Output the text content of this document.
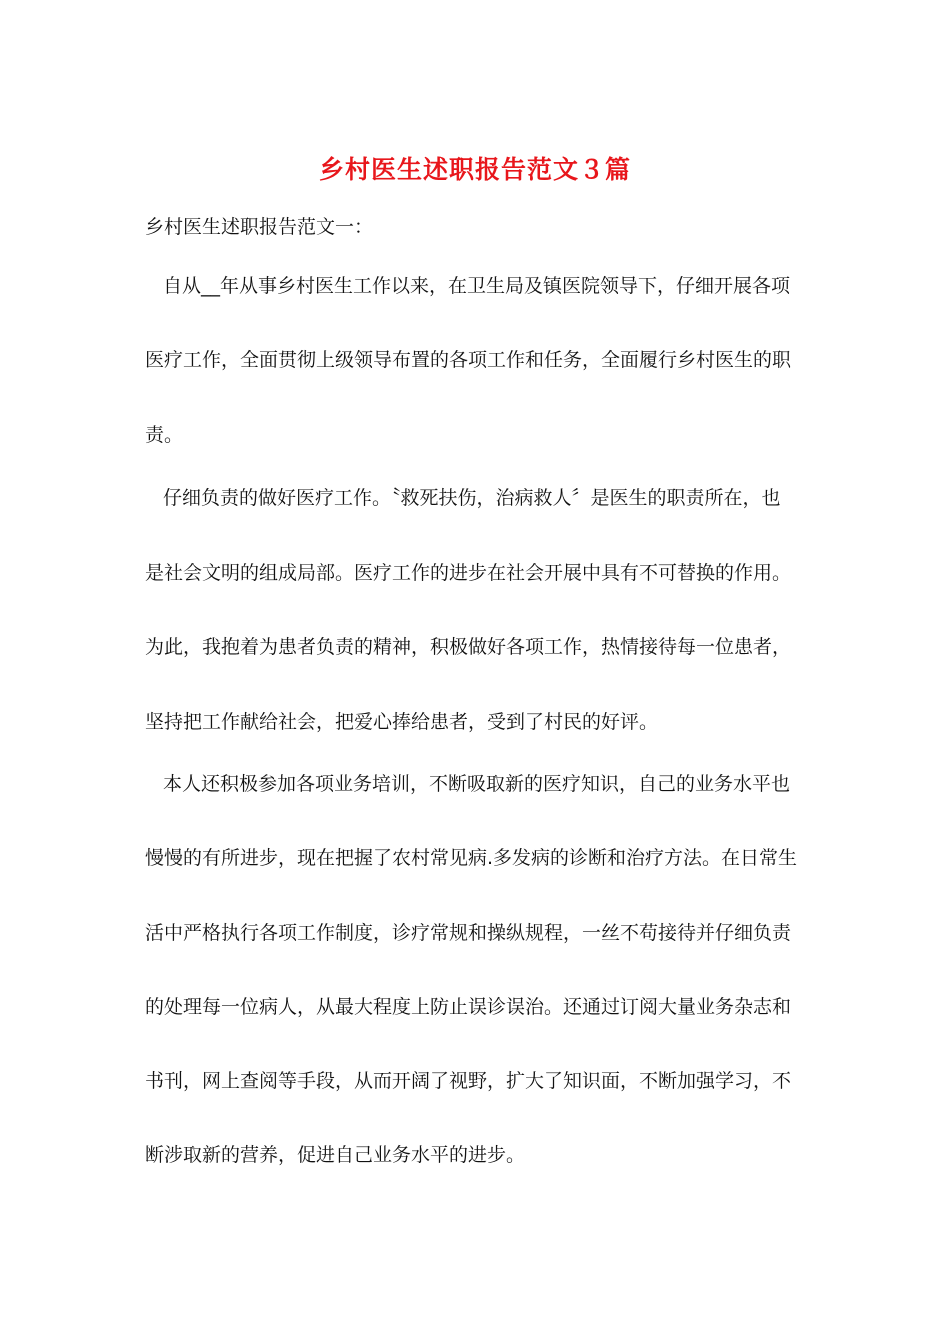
乡村医生述职报告范文３篇

乡村医生述职报告范文一：

自从__年从事乡村医生工作以来，在卫生局及镇医院领导下，仔细开展各项

医疗工作，全面贯彻上级领导布置的各项工作和任务，全面履行乡村医生的职

责。

仔细负责的做好医疗工作。〝救死扶伤，治病救人〞是医生的职责所在，也

是社会文明的组成局部。医疗工作的进步在社会开展中具有不可替换的作用。

为此，我抱着为患者负责的精神，积极做好各项工作，热情接待每一位患者，

坚持把工作献给社会，把爱心捧给患者，受到了村民的好评。

本人还积极参加各项业务培训，不断吸取新的医疗知识，自己的业务水平也

慢慢的有所进步，现在把握了农村常见病.多发病的诊断和治疗方法。在日常生

活中严格执行各项工作制度，诊疗常规和操纵规程，一丝不苟接待并仔细负责

的处理每一位病人，从最大程度上防止误诊误治。还通过订阅大量业务杂志和

书刊，网上查阅等手段，从而开阔了视野，扩大了知识面，不断加强学习，不

断涉取新的营养，促进自己业务水平的进步。
